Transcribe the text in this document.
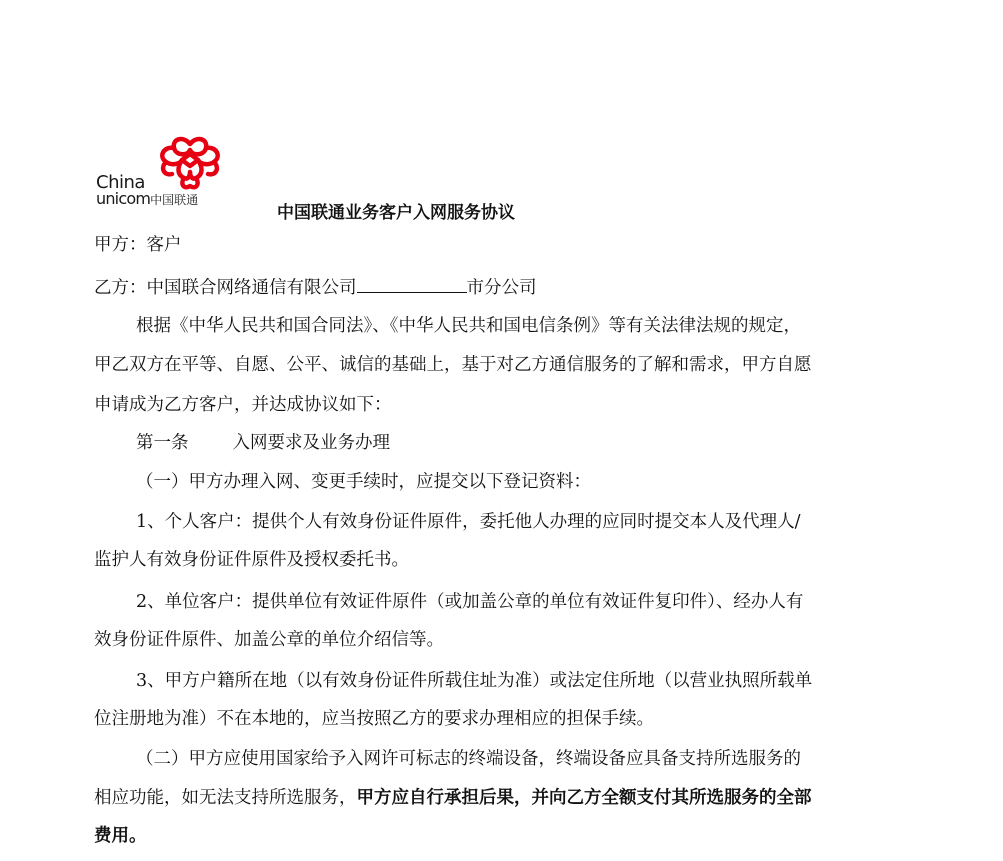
China
unicom中国联通
中国联通业务客户入网服务协议
甲方：客户
乙方：中国联合网络通信有限公司	市分公司
根据《中华人民共和国合同法》、《中华人民共和国电信条例》等有关法律法规的规定，
甲乙双方在平等、自愿、公平、诚信的基础上，基于对乙方通信服务的了解和需求，甲方自愿
申请成为乙方客户，并达成协议如下：
第一条	入网要求及业务办理
（一）甲方办理入网、变更手续时，应提交以下登记资料：
1、个人客户：提供个人有效身份证件原件，委托他人办理的应同时提交本人及代理人/
监护人有效身份证件原件及授权委托书。
2、单位客户：提供单位有效证件原件（或加盖公章的单位有效证件复印件）、经办人有
效身份证件原件、加盖公章的单位介绍信等。
3、甲方户籍所在地（以有效身份证件所载住址为准）或法定住所地（以营业执照所载单
位注册地为准）不在本地的，应当按照乙方的要求办理相应的担保手续。
（二）甲方应使用国家给予入网许可标志的终端设备，终端设备应具备支持所选服务的
相应功能，如无法支持所选服务，甲方应自行承担后果，并向乙方全额支付其所选服务的全部
费用。
